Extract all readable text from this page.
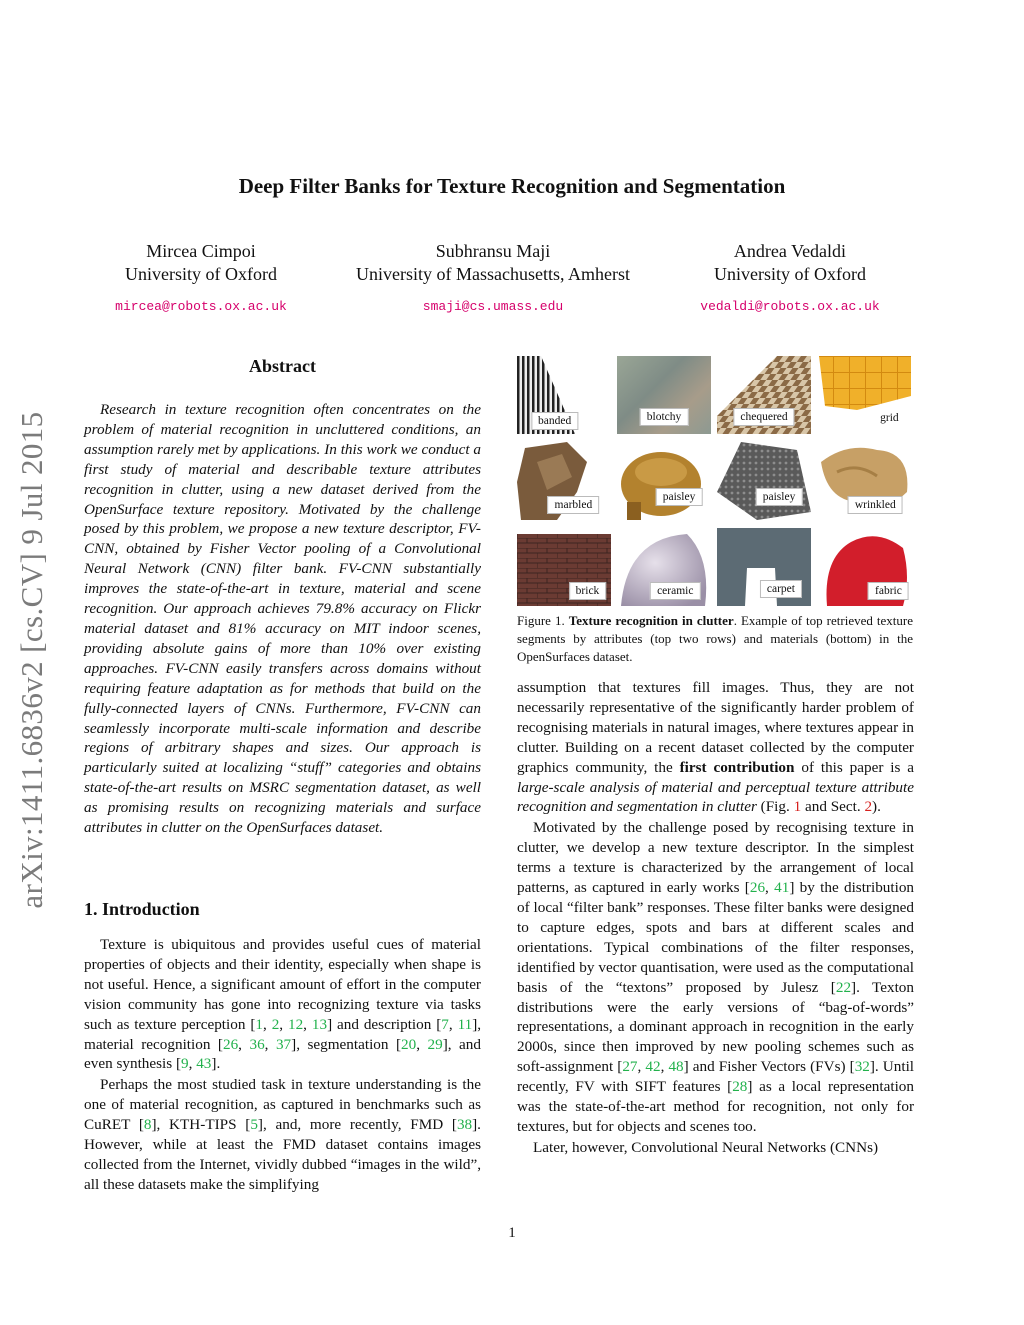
arXiv:1411.6836v2 [cs.CV] 9 Jul 2015
Deep Filter Banks for Texture Recognition and Segmentation
Mircea Cimpoi
University of Oxford
mircea@robots.ox.ac.uk
Subhransu Maji
University of Massachusetts, Amherst
smaji@cs.umass.edu
Andrea Vedaldi
University of Oxford
vedaldi@robots.ox.ac.uk
Abstract

Research in texture recognition often concentrates on the problem of material recognition in uncluttered conditions, an assumption rarely met by applications. In this work we conduct a first study of material and describable texture attributes recognition in clutter, using a new dataset derived from the OpenSurface texture repository. Motivated by the challenge posed by this problem, we propose a new texture descriptor, FV-CNN, obtained by Fisher Vector pooling of a Convolutional Neural Network (CNN) filter bank. FV-CNN substantially improves the state-of-the-art in texture, material and scene recognition. Our approach achieves 79.8% accuracy on Flickr material dataset and 81% accuracy on MIT indoor scenes, providing absolute gains of more than 10% over existing approaches. FV-CNN easily transfers across domains without requiring feature adaptation as for methods that build on the fully-connected layers of CNNs. Furthermore, FV-CNN can seamlessly incorporate multi-scale information and describe regions of arbitrary shapes and sizes. Our approach is particularly suited at localizing “stuff” categories and obtains state-of-the-art results on MSRC segmentation dataset, as well as promising results on recognizing materials and surface attributes in clutter on the OpenSurfaces dataset.

1. Introduction

Texture is ubiquitous and provides useful cues of material properties of objects and their identity, especially when shape is not useful. Hence, a significant amount of effort in the computer vision community has gone into recognizing texture via tasks such as texture perception [1, 2, 12, 13] and description [7, 11], material recognition [26, 36, 37], segmentation [20, 29], and even synthesis [9, 43].

Perhaps the most studied task in texture understanding is the one of material recognition, as captured in benchmarks such as CuRET [8], KTH-TIPS [5], and, more recently, FMD [38]. However, while at least the FMD dataset contains images collected from the Internet, vividly dubbed “images in the wild”, all these datasets make the simplifying

banded	blotchy	chequered	grid
marbled
paisley	paisley
wrinkled
brick	ceramic	carpet	fabric
Figure 1. Texture recognition in clutter. Example of top retrieved texture segments by attributes (top two rows) and materials (bottom) in the OpenSurfaces dataset.

assumption that textures fill images. Thus, they are not necessarily representative of the significantly harder problem of recognising materials in natural images, where textures appear in clutter. Building on a recent dataset collected by the computer graphics community, the first contribution of this paper is a large-scale analysis of material and perceptual texture attribute recognition and segmentation in clutter (Fig. 1 and Sect. 2).

Motivated by the challenge posed by recognising texture in clutter, we develop a new texture descriptor. In the simplest terms a texture is characterized by the arrangement of local patterns, as captured in early works [26, 41] by the distribution of local “filter bank” responses. These filter banks were designed to capture edges, spots and bars at different scales and orientations. Typical combinations of the filter responses, identified by vector quantisation, were used as the computational basis of the “textons” proposed by Julesz [22]. Texton distributions were the early versions of “bag-of-words” representations, a dominant approach in recognition in the early 2000s, since then improved by new pooling schemes such as soft-assignment [27, 42, 48] and Fisher Vectors (FVs) [32]. Until recently, FV with SIFT features [28] as a local representation was the state-of-the-art method for recognition, not only for textures, but for objects and scenes too.

Later, however, Convolutional Neural Networks (CNNs)

1
